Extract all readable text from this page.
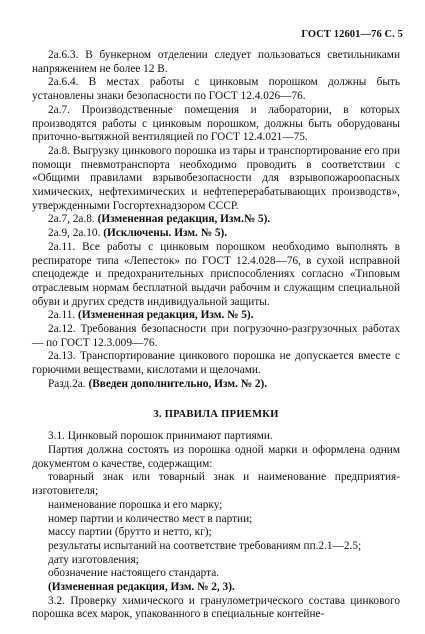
ГОСТ 12601—76 С. 5

2а.6.3. В бункерном отделении следует пользоваться светильниками напряжением не более 12 В.

2а.6.4. В местах работы с цинковым порошком должны быть установлены знаки безопасности по ГОСТ 12.4.026—76.

2а.7. Производственные помещения и лаборатории, в которых производятся работы с цинковым порошком, должны быть оборудованы приточно-вытяжной вентиляцией по ГОСТ 12.4.021—75.

2а.8. Выгрузку цинкового порошка из тары и транспортирование его при помощи пневмотранспорта необходимо проводить в соответствии с «Общими правилами взрывобезопасности для взрывопожароопасных химических, нефтехимических и нефтеперерабатывающих производств», утвержденными Госгортехнадзором СССР.

2а.7, 2а.8. (Измененная редакция, Изм.№ 5).

2а.9, 2а.10. (Исключены. Изм. № 5).

2а.11. Все работы с цинковым порошком необходимо выполнять в респираторе типа «Лепесток» по ГОСТ 12.4.028—76, в сухой исправной спецодежде и предохранительных приспособлениях согласно «Типовым отраслевым нормам бесплатной выдачи рабочим и служащим специальной обуви и других средств индивидуальной защиты.

2а.11. (Измененная редакция, Изм. № 5).

2а.12. Требования безопасности при погрузочно-разгрузочных работах — по ГОСТ 12.3.009—76.

2а.13. Транспортирование цинкового порошка не допускается вместе с горючими веществами, кислотами и щелочами.

Разд.2а. (Введен дополнительно, Изм. № 2).

3. ПРАВИЛА ПРИЕМКИ

3.1. Цинковый порошок принимают партиями.

Партия должна состоять из порошка одной марки и оформлена одним документом о качестве, содержащим:

товарный знак или товарный знак и наименование предприятия-изготовителя;

наименование порошка и его марку;

номер партии и количество мест в партии;

массу партии (брутто и нетто, кг);

результаты испытаний на соответствие требованиям пп.2.1—2.5;

дату изготовления;

обозначение настоящего стандарта.

(Измененная редакция, Изм. № 2, 3).

3.2. Проверку химического и гранулометрического состава цинкового порошка всех марок, упакованного в специальные контейне-
